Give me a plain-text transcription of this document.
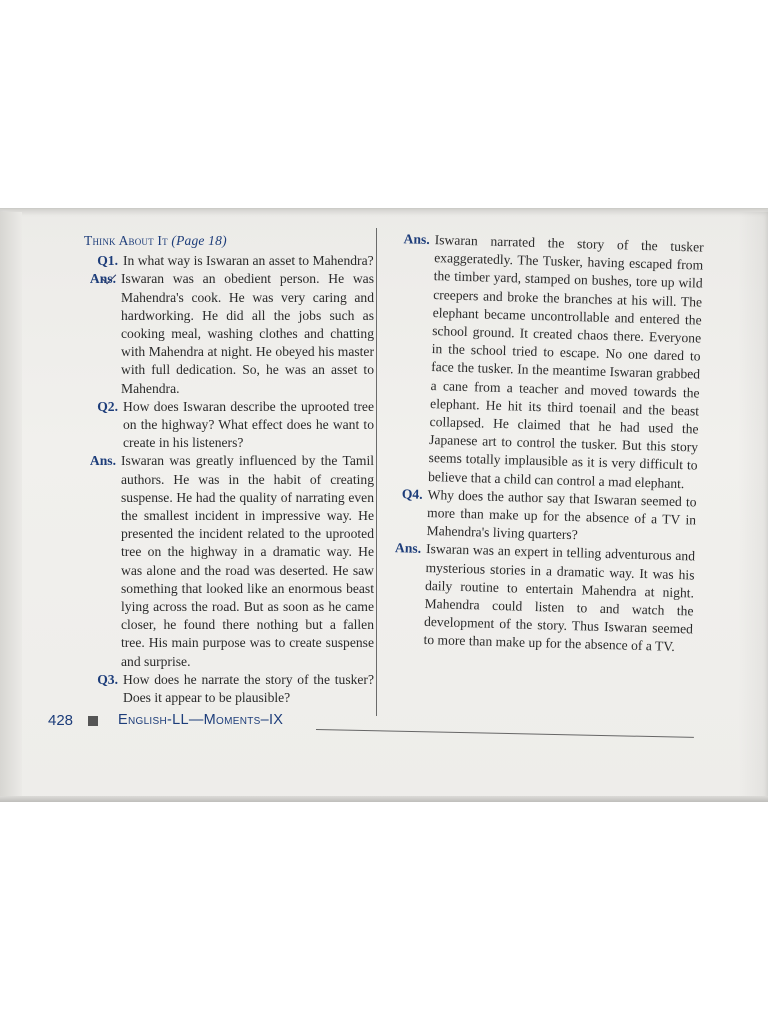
Think About It (Page 18)
Q1. In what way is Iswaran an asset to Mahendra?
Ans. Iswaran was an obedient person. He was Mahendra's cook. He was very caring and hardworking. He did all the jobs such as cooking meal, washing clothes and chatting with Mahendra at night. He obeyed his master with full dedication. So, he was an asset to Mahendra.
Q2. How does Iswaran describe the uprooted tree on the highway? What effect does he want to create in his listeners?
Ans. Iswaran was greatly influenced by the Tamil authors. He was in the habit of creating suspense. He had the quality of narrating even the smallest incident in impressive way. He presented the incident related to the uprooted tree on the highway in a dramatic way. He was alone and the road was deserted. He saw something that looked like an enormous beast lying across the road. But as soon as he came closer, he found there nothing but a fallen tree. His main purpose was to create suspense and surprise.
Q3. How does he narrate the story of the tusker? Does it appear to be plausible?
Ans. Iswaran narrated the story of the tusker exaggeratedly. The Tusker, having escaped from the timber yard, stamped on bushes, tore up wild creepers and broke the branches at his will. The elephant became uncontrollable and entered the school ground. It created chaos there. Everyone in the school tried to escape. No one dared to face the tusker. In the meantime Iswaran grabbed a cane from a teacher and moved towards the elephant. He hit its third toenail and the beast collapsed. He claimed that he had used the Japanese art to control the tusker. But this story seems totally implausible as it is very difficult to believe that a child can control a mad elephant.
Q4. Why does the author say that Iswaran seemed to more than make up for the absence of a TV in Mahendra's living quarters?
Ans. Iswaran was an expert in telling adventurous and mysterious stories in a dramatic way. It was his daily routine to entertain Mahendra at night. Mahendra could listen to and watch the development of the story. Thus Iswaran seemed to more than make up for the absence of a TV.
428	English-LL—Moments–IX
